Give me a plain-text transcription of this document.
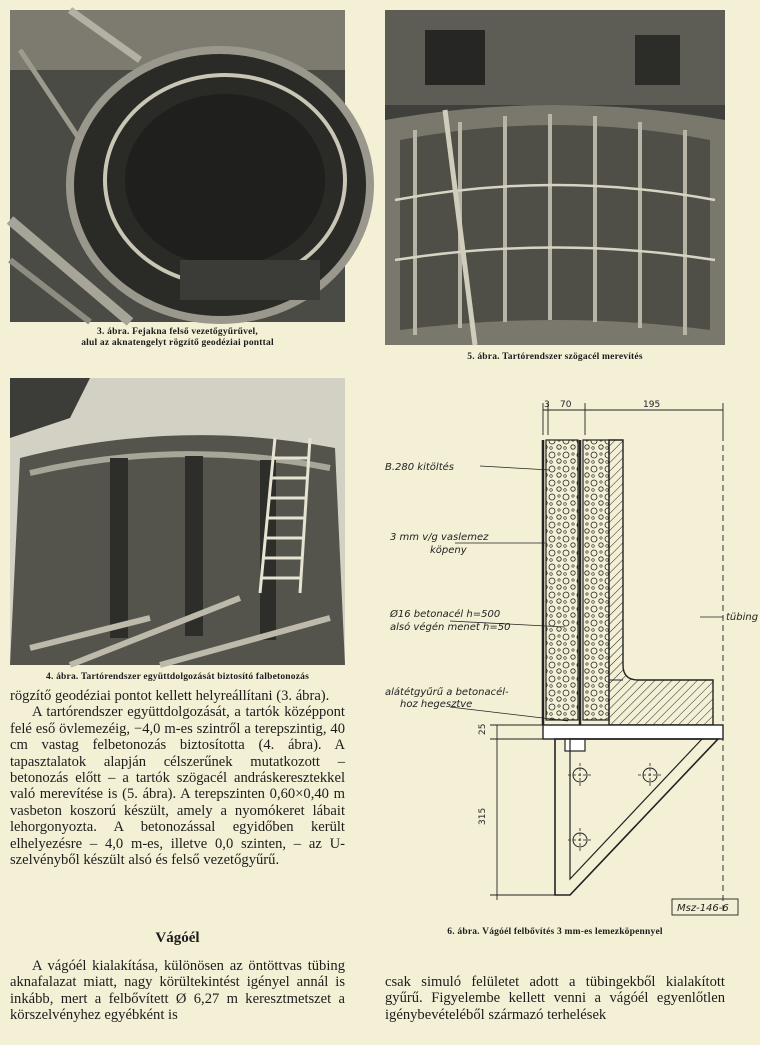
3. ábra. Fejakna felső vezetőgyűrűvel,
alul az aknatengelyt rögzítő geodéziai ponttal
5. ábra. Tartórendszer szögacél merevítés
4. ábra. Tartórendszer együttdolgozását biztosító falbetonozás
3 70	195
25
315
B.280 kitöltés
3 mm v/g vaslemez
köpeny
Ø16 betonacél h=500
alsó végén menet h=50
alátétgyűrű a betonacél-
hoz hegesztve
tübing
Msz-146-6
6. ábra. Vágóél felbővítés 3 mm-es lemezköpennyel

rögzítő geodéziai pontot kellett helyreállítani (3. ábra).

A tartórendszer együttdolgozását, a tartók középpont felé eső övlemezéig, −4,0 m-es szintről a terepszintig, 40 cm vastag felbetonozás biztosította (4. ábra). A tapasztalatok alapján célszerűnek mutatkozott – betonozás előtt – a tartók szögacél andráskeresztekkel való merevítése is (5. ábra). A terepszinten 0,60×0,40 m vasbeton koszorú készült, amely a nyomókeret lábait lehorgonyozta. A betonozással egyidőben került elhelyezésre – 4,0 m-es, illetve 0,0 szinten, – az U-szelvényből készült alsó és felső vezetőgyűrű.

Vágóél

A vágóél kialakítása, különösen az öntöttvas tübing aknafalazat miatt, nagy körültekintést igényel annál is inkább, mert a felbővített Ø 6,27 m keresztmetszet a körszelvényhez egyébként is

csak simuló felületet adott a tübingekből kialakított gyűrű. Figyelembe kellett venni a vágóél egyenlőtlen igénybevételéből származó terhelések
